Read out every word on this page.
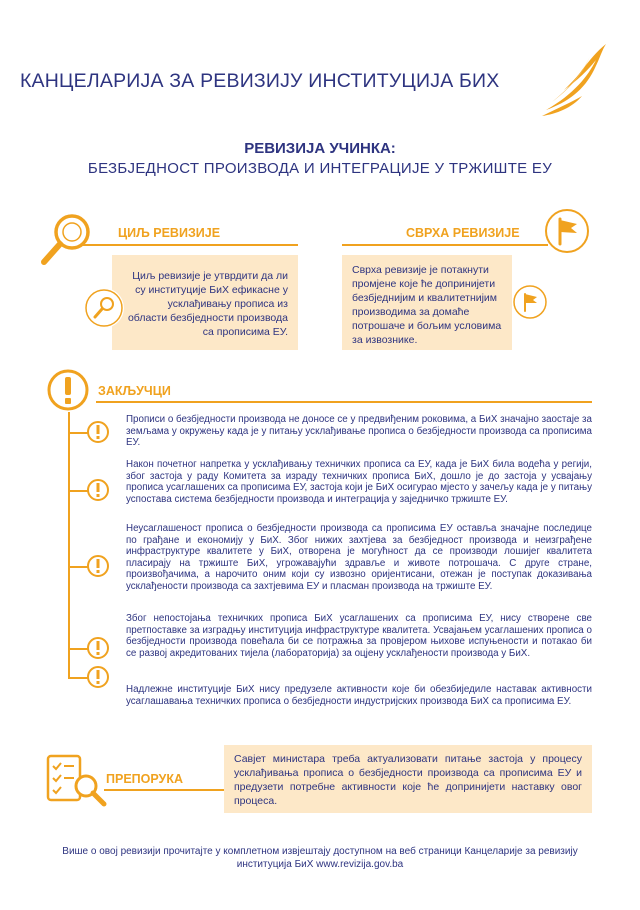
КАНЦЕЛАРИЈА ЗА РЕВИЗИЈУ ИНСТИТУЦИЈА БИХ
РЕВИЗИЈА УЧИНКА:
БЕЗБЈЕДНОСТ ПРОИЗВОДА И ИНТЕГРАЦИЈЕ У ТРЖИШТЕ ЕУ
ЦИЉ РЕВИЗИЈЕ
Циљ ревизије је утврдити да ли су институције БиХ ефикасне у усклађивању прописа из области безбједности производа са прописима ЕУ.
СВРХА РЕВИЗИЈЕ
Сврха ревизије је потакнути промјене које ће допринијети безбједнијим и квалитетнијим производима за домаће потрошаче и бољим условима за извознике.
ЗАКЉУЧЦИ
Прописи о безбједности производа не доносе се у предвиђеним роковима, а БиХ значајно заостаје за земљама у окружењу када је у питању усклађивање прописа о безбједности производа са прописима ЕУ.
Након почетног напретка у усклађивању техничких прописа са ЕУ, када је БиХ била водећа у регији, због застоја у раду Комитета за израду техничких прописа БиХ, дошло је до застоја у усвајању прописа усаглашених са прописима ЕУ, застоја који је БиХ осигурао мјесто у зачељу када је у питању успоставa система безбједности производа и интеграција у заједничко тржиште ЕУ.
Неусаглашеност прописа о безбједности производа са прописима ЕУ оставља значајне последице по грађане и економију у БиХ. Због нижих захтјева за безбједност производа и неизграђене инфраструктуре квалитете у БиХ, отворена је могућност да се производи лошијег квалитета пласирају на тржиште БиХ, угрожавајући здравље и животе потрошача. С друге стране, произвођачима, а нарочито оним који су извозно оријентисани, отежан је поступак доказивања усклађености производа са захтјевима ЕУ и пласман производа на тржиште ЕУ.
Због непостојања техничких прописа БиХ усаглашених са прописима ЕУ, нису створене све претпоставке за изградњу институција инфраструктуре квалитета. Усвајањем усаглашених прописа о безбједности производа повећала би се потражња за провјером њихове испуњености и потакао би се развој акредитованих тијела (лабораторија) за оцјену усклађености производа у БиХ.
Надлежне институције БиХ нису предузеле активности које би обезбиједиле наставак активности усаглашавања техничких прописа о безбједности индустријских производа БиХ са прописима ЕУ.
ПРЕПОРУКА
Савјет министара треба актуализовати питање застоја у процесу усклађивања прописа о безбједности производа са прописима ЕУ и предузети потребне активности које ће допринијети наставку овог процеса.
Више о овој ревизији прочитајте у комплетном извјештају доступном на веб страници Канцеларије за ревизију институција БиХ www.revizija.gov.ba
